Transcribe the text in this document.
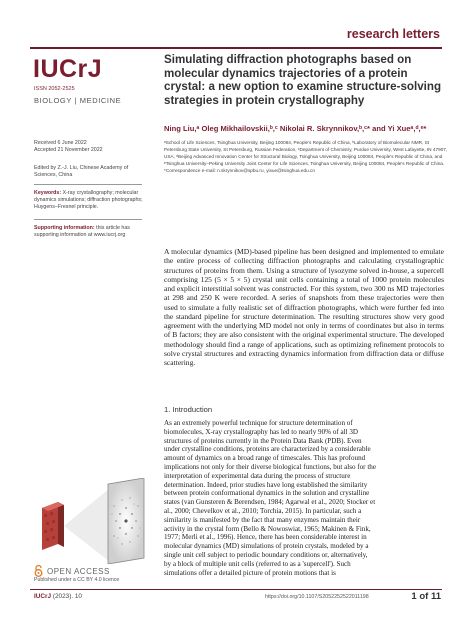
research letters
IUCrJ
ISSN 2052-2525
BIOLOGY | MEDICINE
Simulating diffraction photographs based on molecular dynamics trajectories of a protein crystal: a new option to examine structure-solving strategies in protein crystallography
Ning Liu,ᵃ Oleg Mikhailovskii,ᵇ,ᶜ Nikolai R. Skrynnikov,ᵇ,ᶜ* and Yi Xueᵃ,ᵈ,ᵉ*
ᵃSchool of Life Sciences, Tsinghua University, Beijing 100084, People's Republic of China, ᵇLaboratory of Biomolecular NMR, St Petersburg State University, St Petersburg, Russian Federation, ᶜDepartment of Chemistry, Purdue University, West Lafayette, IN 47907, USA, ᵈBeijing Advanced Innovation Center for Structural Biology, Tsinghua University, Beijing 100084, People's Republic of China, and ᵉTsinghua University–Peking University Joint Center for Life Sciences, Tsinghua University, Beijing 100084, People's Republic of China. *Correspondence e-mail: n.skrynnikov@spbu.ru, yixue@tsinghua.edu.cn
Received 6 June 2022
Accepted 21 November 2022
Edited by Z.-J. Liu, Chinese Academy of Sciences, China
Keywords: X-ray crystallography; molecular dynamics simulations; diffraction photographs; Huygens–Fresnel principle.
Supporting information: this article has supporting information at www.iucrj.org
A molecular dynamics (MD)-based pipeline has been designed and implemented to emulate the entire process of collecting diffraction photographs and calculating crystallographic structures of proteins from them. Using a structure of lysozyme solved in-house, a supercell comprising 125 (5 × 5 × 5) crystal unit cells containing a total of 1000 protein molecules and explicit interstitial solvent was constructed. For this system, two 300 ns MD trajectories at 298 and 250 K were recorded. A series of snapshots from these trajectories were then used to simulate a fully realistic set of diffraction photographs, which were further fed into the standard pipeline for structure determination. The resulting structures show very good agreement with the underlying MD model not only in terms of coordinates but also in terms of B factors; they are also consistent with the original experimental structure. The developed methodology should find a range of applications, such as optimizing refinement protocols to solve crystal structures and extracting dynamics information from diffraction data or diffuse scattering.
1. Introduction
As an extremely powerful technique for structure determination of biomolecules, X-ray crystallography has led to nearly 90% of all 3D structures of proteins currently in the Protein Data Bank (PDB). Even under crystalline conditions, proteins are characterized by a considerable amount of dynamics on a broad range of timescales. This has profound implications not only for their diverse biological functions, but also for the interpretation of experimental data during the process of structure determination. Indeed, prior studies have long established the similarity between protein conformational dynamics in the solution and crystalline states (van Gunsteren & Berendsen, 1984; Agarwal et al., 2020; Stocker et al., 2000; Chevelkov et al., 2010; Torchia, 2015). In particular, such a similarity is manifested by the fact that many enzymes maintain their activity in the crystal form (Bello & Nowoswiat, 1965; Makinen & Fink, 1977; Merli et al., 1996). Hence, there has been considerable interest in molecular dynamics (MD) simulations of protein crystals, modeled by a single unit cell subject to periodic boundary conditions or, alternatively, by a block of multiple unit cells (referred to as a 'supercell'). Such simulations offer a detailed picture of protein motions that is
OPEN ACCESS
Published under a CC BY 4.0 licence
IUCrJ (2023). 10	https://doi.org/10.1107/S2052252522011198	1 of 11
